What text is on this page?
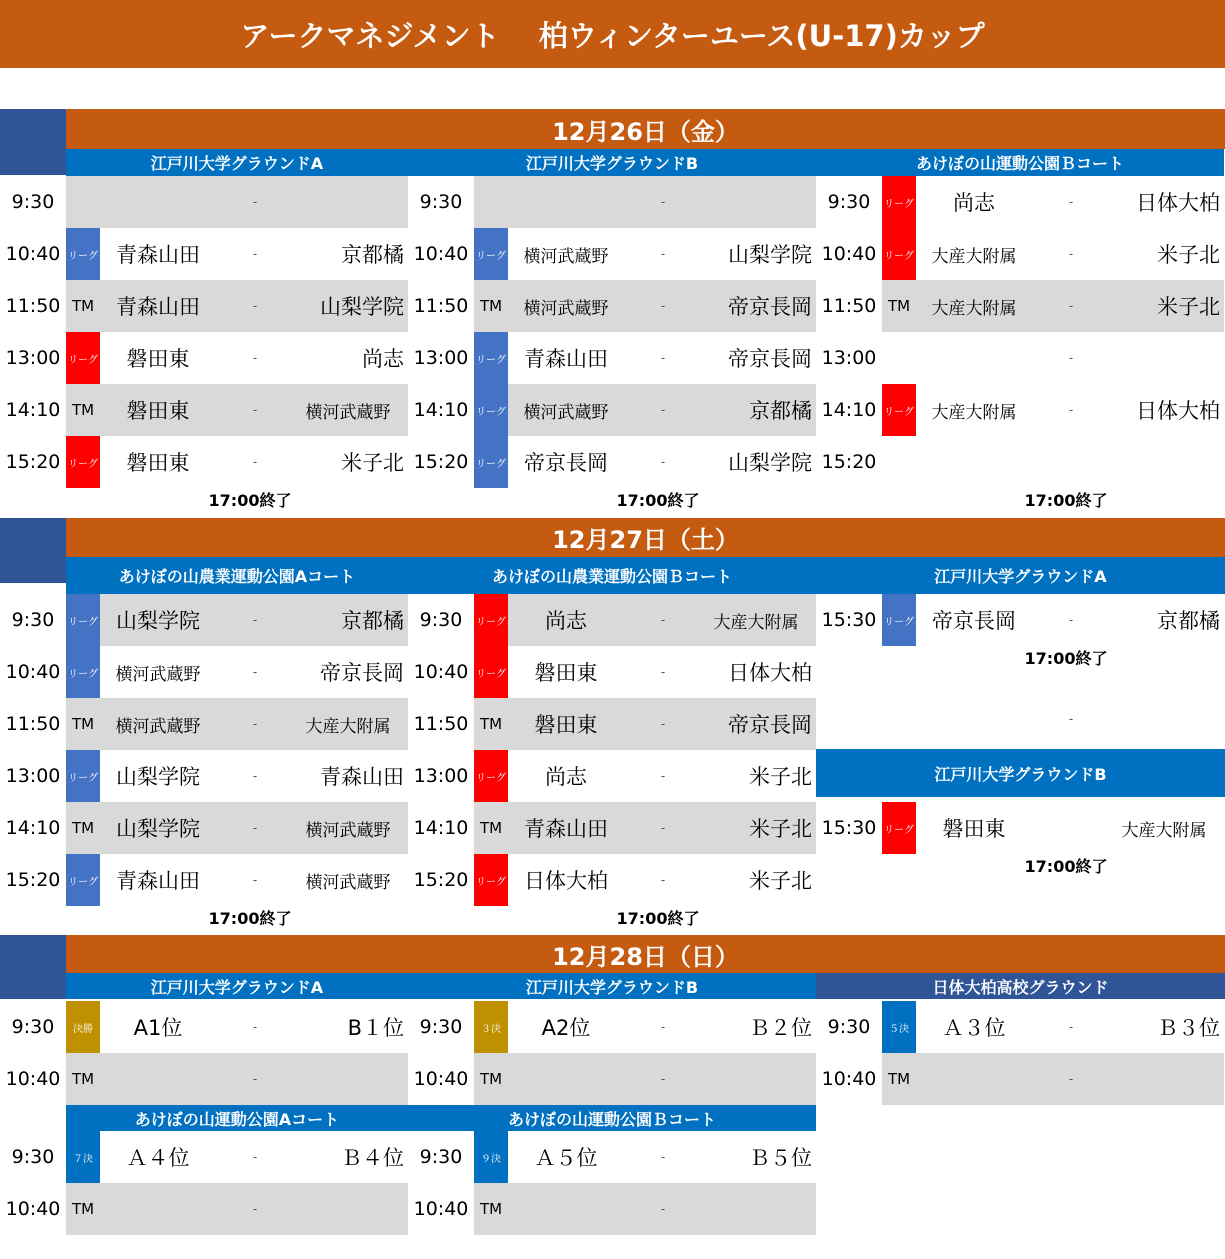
アークマネジメント　 柏ウィンターユース(U-17)カップ
12月26日（金）
12月27日（土）
12月28日（日）
江戸川大学グラウンドA
9:30	-
10:40 リーグ 青森山田	-	京都橘
11:50 TM	青森山田	-	山梨学院
13:00 リーグ	磐田東	-	尚志
14:10 TM	磐田東	-	横河武蔵野
15:20 リーグ	磐田東	-	米子北
17:00終了
江戸川大学グラウンドB
9:30	-
10:40 リーグ	横河武蔵野	-	山梨学院
11:50 TM	横河武蔵野	-	帝京長岡
13:00 リーグ 青森山田	-	帝京長岡
14:10 リーグ	横河武蔵野	-	京都橘
15:20 リーグ 帝京長岡	-	山梨学院
17:00終了
あけぼの山運動公園Ｂコート
9:30	リーグ	尚志	-	日体大柏
10:40 リーグ	大産大附属	-	米子北
11:50 TM	大産大附属	-	米子北
13:00	-
14:10 リーグ	大産大附属	-	日体大柏
15:20
17:00終了
あけぼの山農業運動公園Aコート
9:30	リーグ 山梨学院	-	京都橘
10:40 リーグ	横河武蔵野	-	帝京長岡
11:50 TM	横河武蔵野	-	大産大附属
13:00 リーグ 山梨学院	-	青森山田
14:10 TM	山梨学院	-	横河武蔵野
15:20 リーグ 青森山田	-	横河武蔵野
17:00終了
あけぼの山農業運動公園Ｂコート
9:30	リーグ	尚志	-	大産大附属
10:40 リーグ	磐田東	-	日体大柏
11:50 TM	磐田東	-	帝京長岡
13:00 リーグ	尚志	-	米子北
14:10 TM	青森山田	-	米子北
15:20 リーグ 日体大柏	-	米子北
17:00終了
江戸川大学グラウンドA
15:30 リーグ 帝京長岡	-	京都橘
17:00終了
-
江戸川大学グラウンドB
15:30 リーグ	磐田東	大産大附属
17:00終了
江戸川大学グラウンドA
9:30	決勝	A1位	-	B１位
10:40 TM	-
江戸川大学グラウンドB
9:30	３決	A2位	-	Ｂ２位
10:40 TM	-
日体大柏高校グラウンド
9:30	５決	Ａ３位	-	Ｂ３位
10:40 TM	-
あけぼの山運動公園Aコート
9:30	７決	Ａ４位	-	Ｂ４位
10:40 TM	-
あけぼの山運動公園Ｂコート
9:30	９決	Ａ５位	-	Ｂ５位
10:40 TM	-
